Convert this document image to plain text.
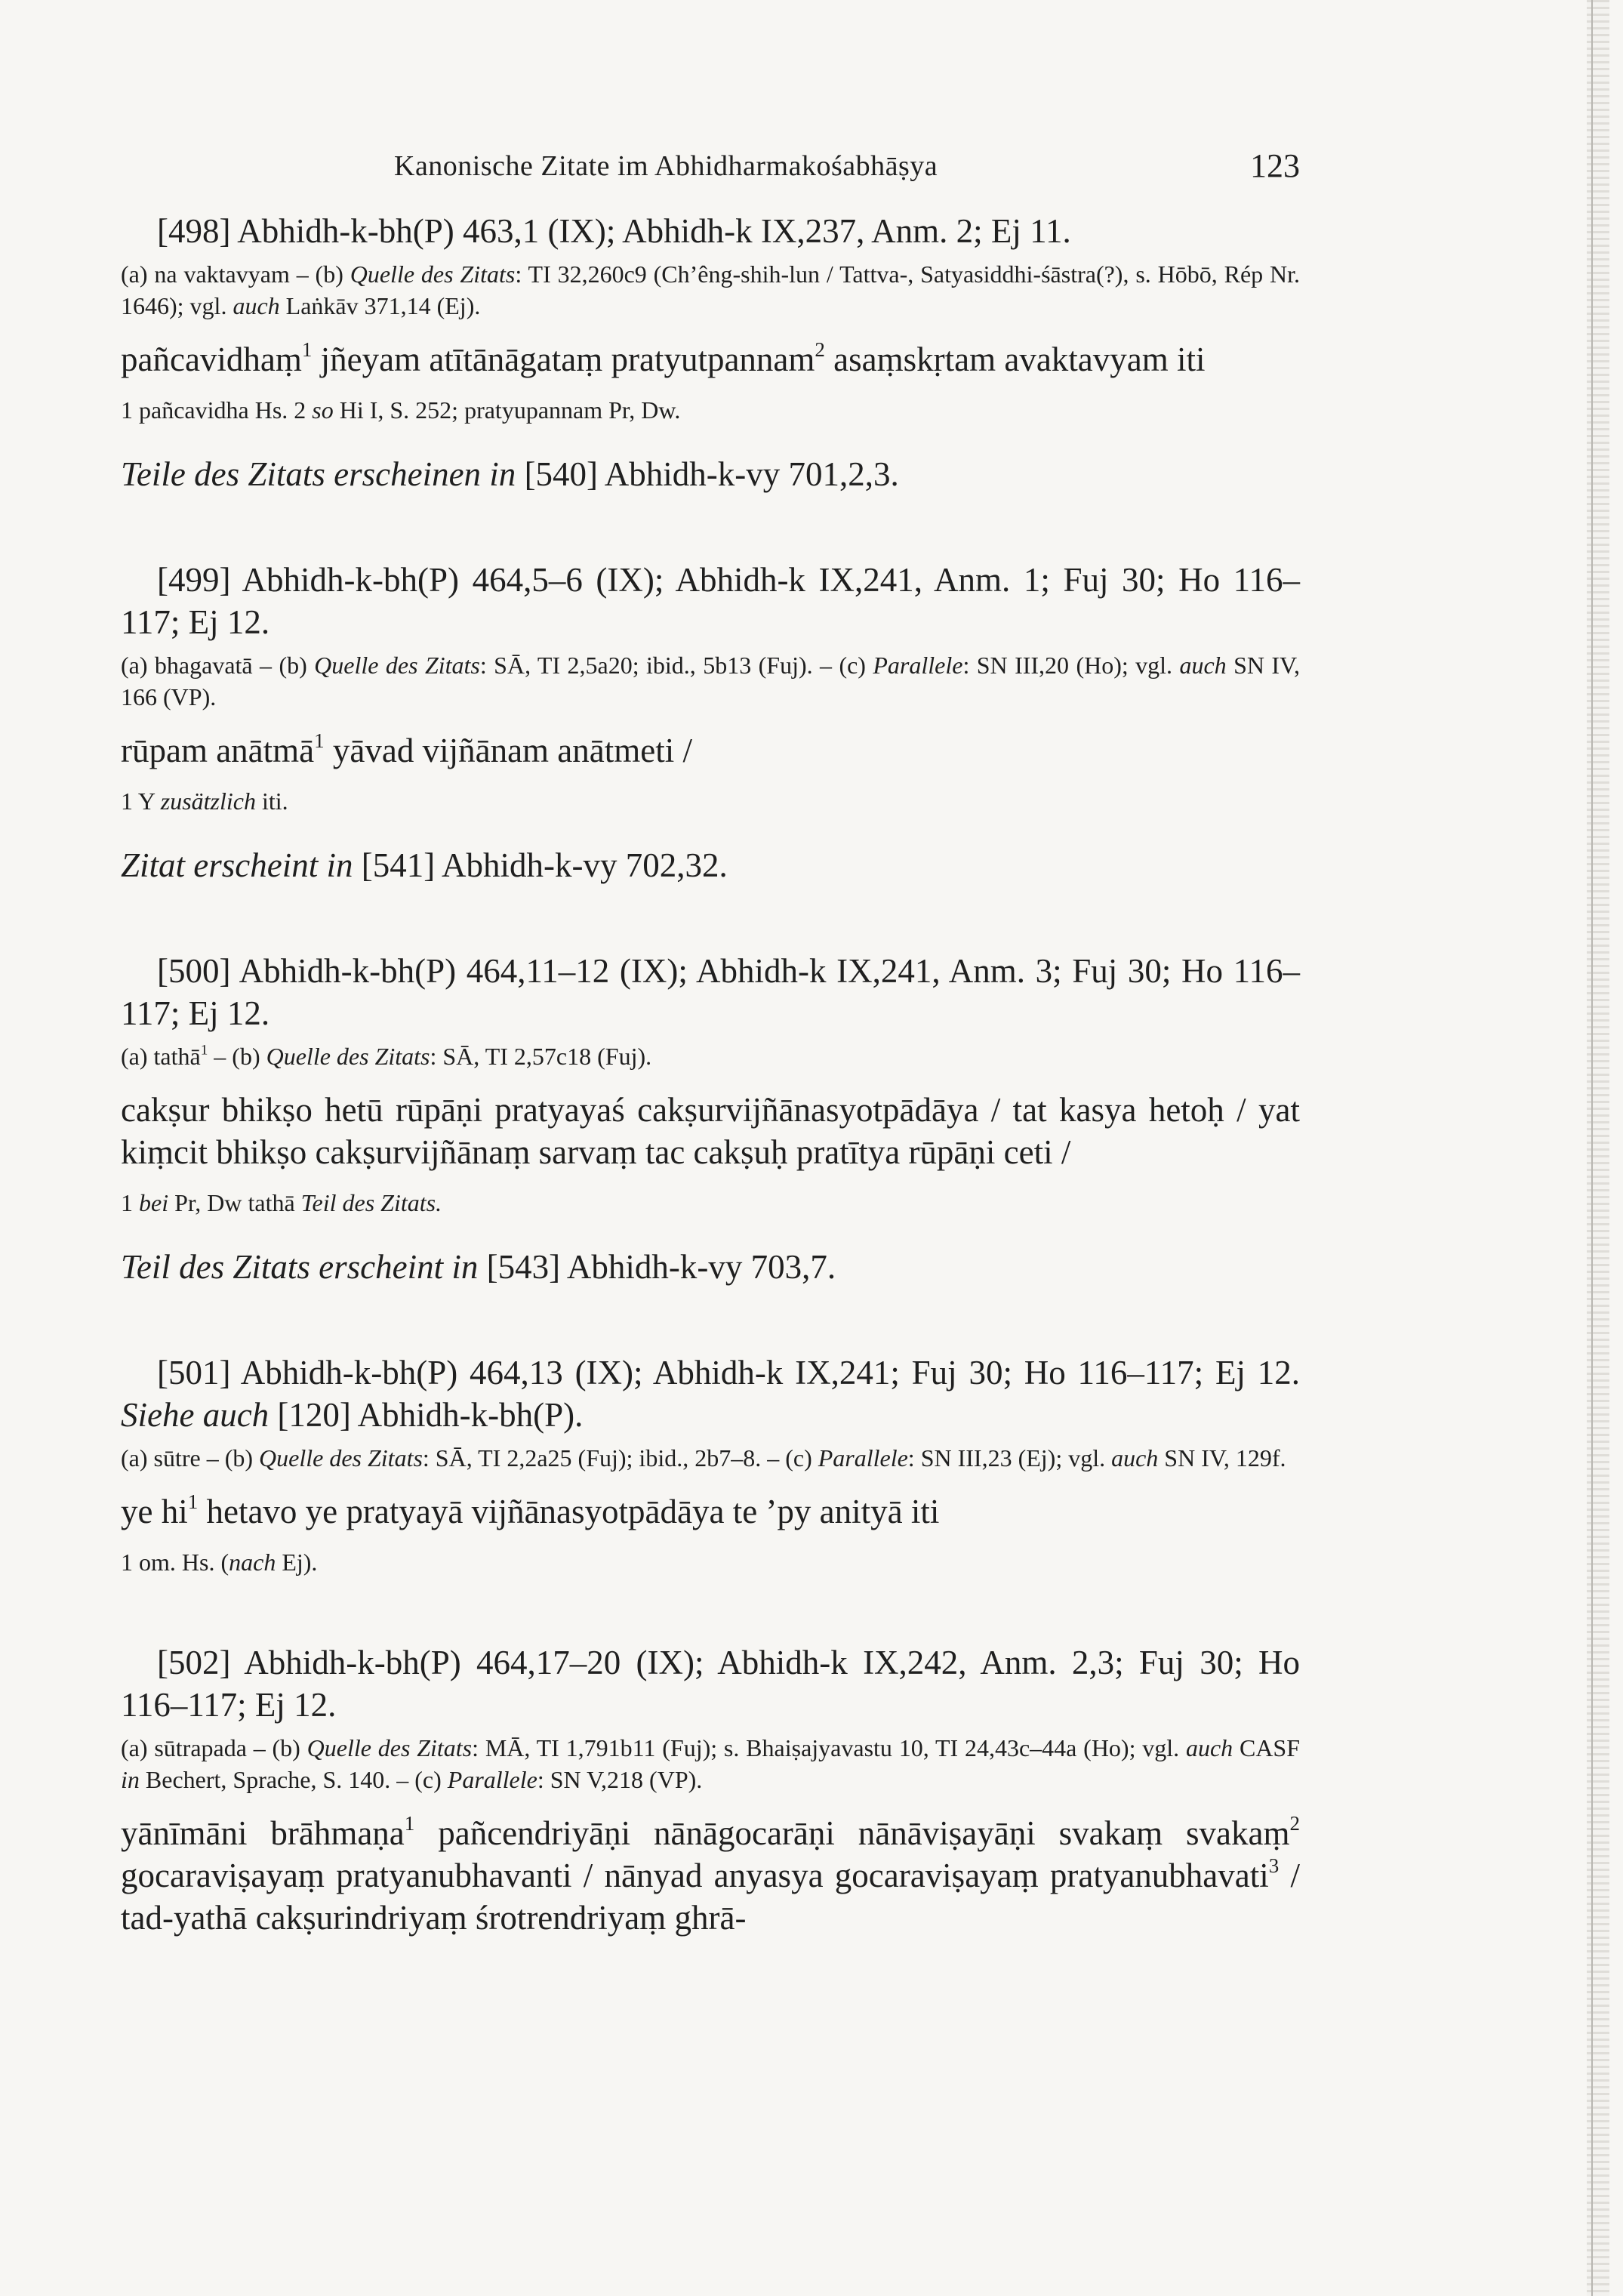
Kanonische Zitate im Abhidharmakośabhāṣya	123

[498] Abhidh-k-bh(P) 463,1 (IX); Abhidh-k IX,237, Anm. 2; Ej 11.

(a) na vaktavyam – (b) Quelle des Zitats: TI 32,260c9 (Ch’êng-shih-lun / Tattva-, Satyasiddhi-śāstra(?), s. Hōbō, Rép Nr. 1646); vgl. auch Laṅkāv 371,14 (Ej).

pañcavidhaṃ$^1$ jñeyam atītānāgataṃ pratyutpannam$^2$ asaṃskṛtam avaktavyam iti

1 pañcavidha Hs. 2 so Hi I, S. 252; pratyupannam Pr, Dw.

Teile des Zitats erscheinen in [540] Abhidh-k-vy 701,2,3.

[499] Abhidh-k-bh(P) 464,5–6 (IX); Abhidh-k IX,241, Anm. 1; Fuj 30; Ho 116–117; Ej 12.

(a) bhagavatā – (b) Quelle des Zitats: SĀ, TI 2,5a20; ibid., 5b13 (Fuj). – (c) Parallele: SN III,20 (Ho); vgl. auch SN IV, 166 (VP).

rūpam anātmā$^1$ yāvad vijñānam anātmeti /

1 Y zusätzlich iti.

Zitat erscheint in [541] Abhidh-k-vy 702,32.

[500] Abhidh-k-bh(P) 464,11–12 (IX); Abhidh-k IX,241, Anm. 3; Fuj 30; Ho 116–117; Ej 12.

(a) tathā$^1$ – (b) Quelle des Zitats: SĀ, TI 2,57c18 (Fuj).

cakṣur bhikṣo hetū rūpāṇi pratyayaś cakṣurvijñānasyotpādāya / tat kasya hetoḥ / yat kiṃcit bhikṣo cakṣurvijñānaṃ sarvaṃ tac cakṣuḥ pratītya rūpāṇi ceti /

1 bei Pr, Dw tathā Teil des Zitats.

Teil des Zitats erscheint in [543] Abhidh-k-vy 703,7.

[501] Abhidh-k-bh(P) 464,13 (IX); Abhidh-k IX,241; Fuj 30; Ho 116–117; Ej 12. Siehe auch [120] Abhidh-k-bh(P).

(a) sūtre – (b) Quelle des Zitats: SĀ, TI 2,2a25 (Fuj); ibid., 2b7–8. – (c) Parallele: SN III,23 (Ej); vgl. auch SN IV, 129f.

ye $hi^1$ hetavo ye pratyayā vijñānasyotpādāya te ’py anityā iti

1 om. Hs. (nach Ej).

[502] Abhidh-k-bh(P) 464,17–20 (IX); Abhidh-k IX,242, Anm. 2,3; Fuj 30; Ho 116–117; Ej 12.

(a) sūtrapada – (b) Quelle des Zitats: MĀ, TI 1,791b11 (Fuj); s. Bhaiṣajyavastu 10, TI 24,43c–44a (Ho); vgl. auch CASF in Bechert, Sprache, S. 140. – (c) Parallele: SN V,218 (VP).

yānīmāni brāhmaṇa$^1$ pañcendriyāṇi nānāgocarāṇi nānāviṣayāṇi svakaṃ svakaṃ$^2$ gocaraviṣayaṃ pratyanubhavanti / nānyad anyasya gocaraviṣayaṃ pratyanubhavati$^3$ / tad-yathā cakṣurindriyaṃ śrotrendriyaṃ ghrā-
